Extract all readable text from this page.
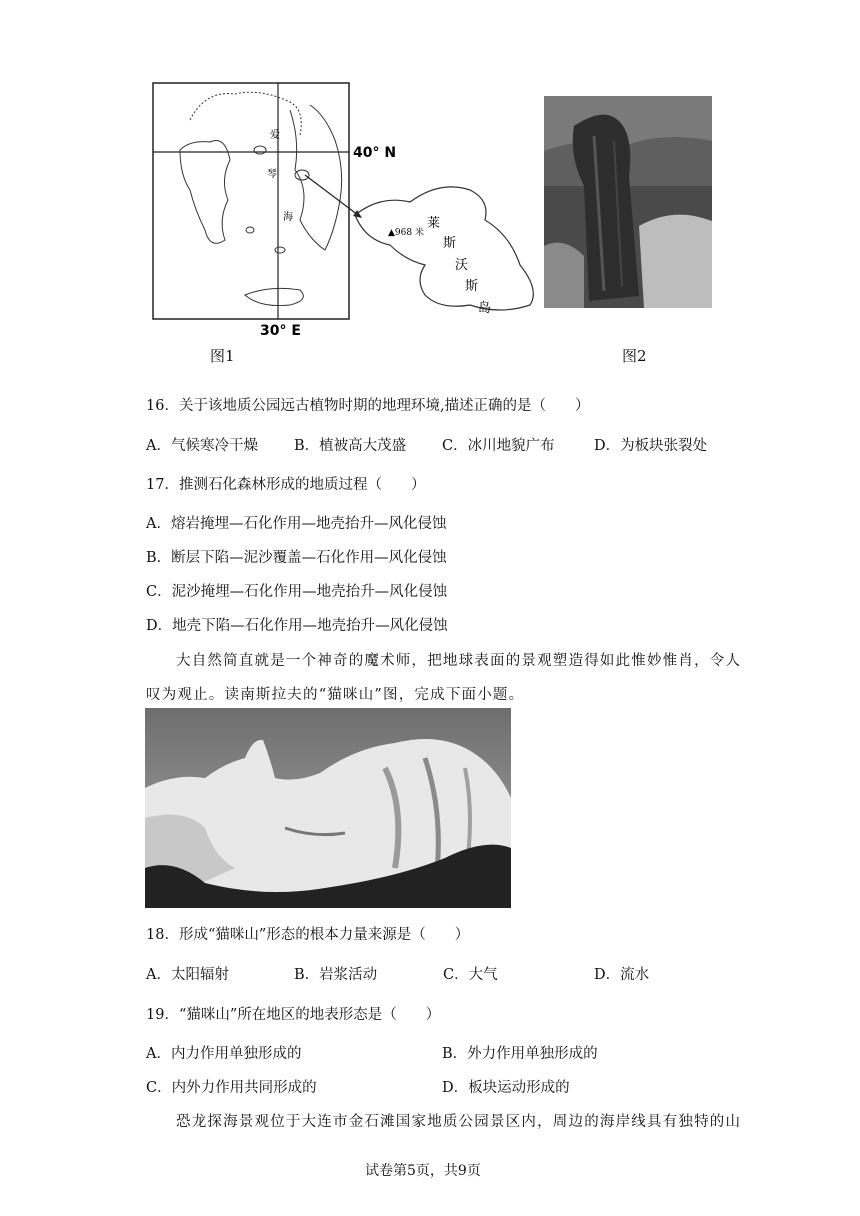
爱
琴
海
40° N
30° E
▲968 米
莱
斯
沃
斯
岛
图1	图2
16．关于该地质公园远古植物时期的地理环境,描述正确的是（　　）
A．气候寒冷干燥 B．植被高大茂盛 C．冰川地貌广布	D．为板块张裂处
17．推测石化森林形成的地质过程（　　）
A．熔岩掩埋—石化作用—地壳抬升—风化侵蚀
B．断层下陷—泥沙覆盖—石化作用—风化侵蚀
C．泥沙掩埋—石化作用—地壳抬升—风化侵蚀
D．地壳下陷—石化作用—地壳抬升—风化侵蚀
大自然简直就是一个神奇的魔术师，把地球表面的景观塑造得如此惟妙惟肖，令人
叹为观止。读南斯拉夫的“猫咪山”图，完成下面小题。
18．形成“猫咪山”形态的根本力量来源是（　　）
A．太阳辐射	B．岩浆活动	C．大气	D．流水
19．“猫咪山”所在地区的地表形态是（　　）
A．内力作用单独形成的	B．外力作用单独形成的
C．内外力作用共同形成的	D．板块运动形成的
恐龙探海景观位于大连市金石滩国家地质公园景区内，周边的海岸线具有独特的山
试卷第5页，共9页
